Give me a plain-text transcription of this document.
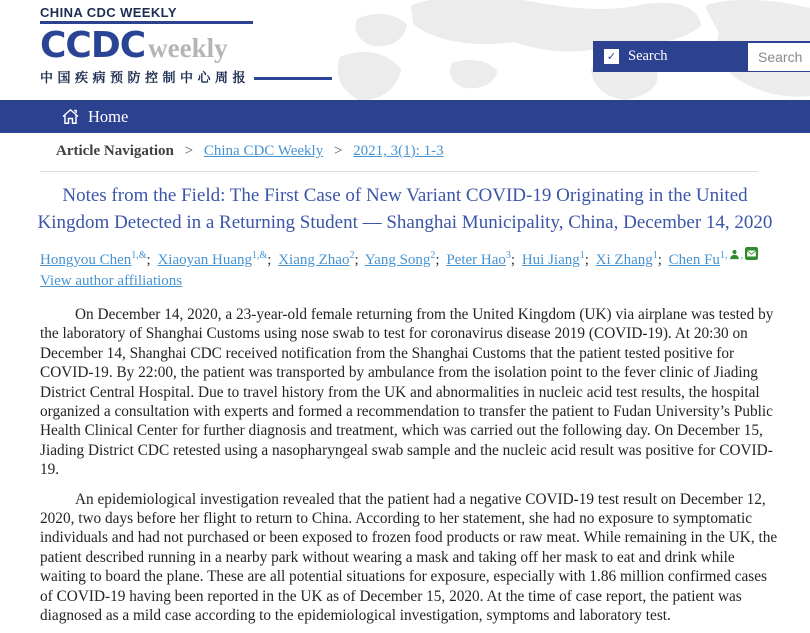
CHINA CDC WEEKLY
CCDC weekly
中国疾病预防控制中心周报
✓ Search
Search
Home
Article Navigation > China CDC Weekly > 2021, 3(1): 1-3
Notes from the Field: The First Case of New Variant COVID-19 Originating in the United Kingdom Detected in a Returning Student — Shanghai Municipality, China, December 14, 2020
Hongyou Chen$^{1,\&}$; Xiaoyan Huang$^{1,\&}$; Xiang Zhao$^2$; Yang Song$^2$; Peter Hao$^3$; Hui Jiang$^1$; Xi Zhang$^1$; Chen $Fu^{1,}$ ,
View author affiliations

On December 14, 2020, a 23-year-old female returning from the United Kingdom (UK) via airplane was tested by the laboratory of Shanghai Customs using nose swab to test for coronavirus disease 2019 (COVID-19). At 20:30 on December 14, Shanghai CDC received notification from the Shanghai Customs that the patient tested positive for COVID-19. By 22:00, the patient was transported by ambulance from the isolation point to the fever clinic of Jiading District Central Hospital. Due to travel history from the UK and abnormalities in nucleic acid test results, the hospital organized a consultation with experts and formed a recommendation to transfer the patient to Fudan University’s Public Health Clinical Center for further diagnosis and treatment, which was carried out the following day. On December 15, Jiading District CDC retested using a nasopharyngeal swab sample and the nucleic acid result was positive for COVID-19.

An epidemiological investigation revealed that the patient had a negative COVID-19 test result on December 12, 2020, two days before her flight to return to China. According to her statement, she had no exposure to symptomatic individuals and had not purchased or been exposed to frozen food products or raw meat. While remaining in the UK, the patient described running in a nearby park without wearing a mask and taking off her mask to eat and drink while waiting to board the plane. These are all potential situations for exposure, especially with 1.86 million confirmed cases of COVID-19 having been reported in the UK as of December 15, 2020. At the time of case report, the patient was diagnosed as a mild case according to the epidemiological investigation, symptoms and laboratory test.
